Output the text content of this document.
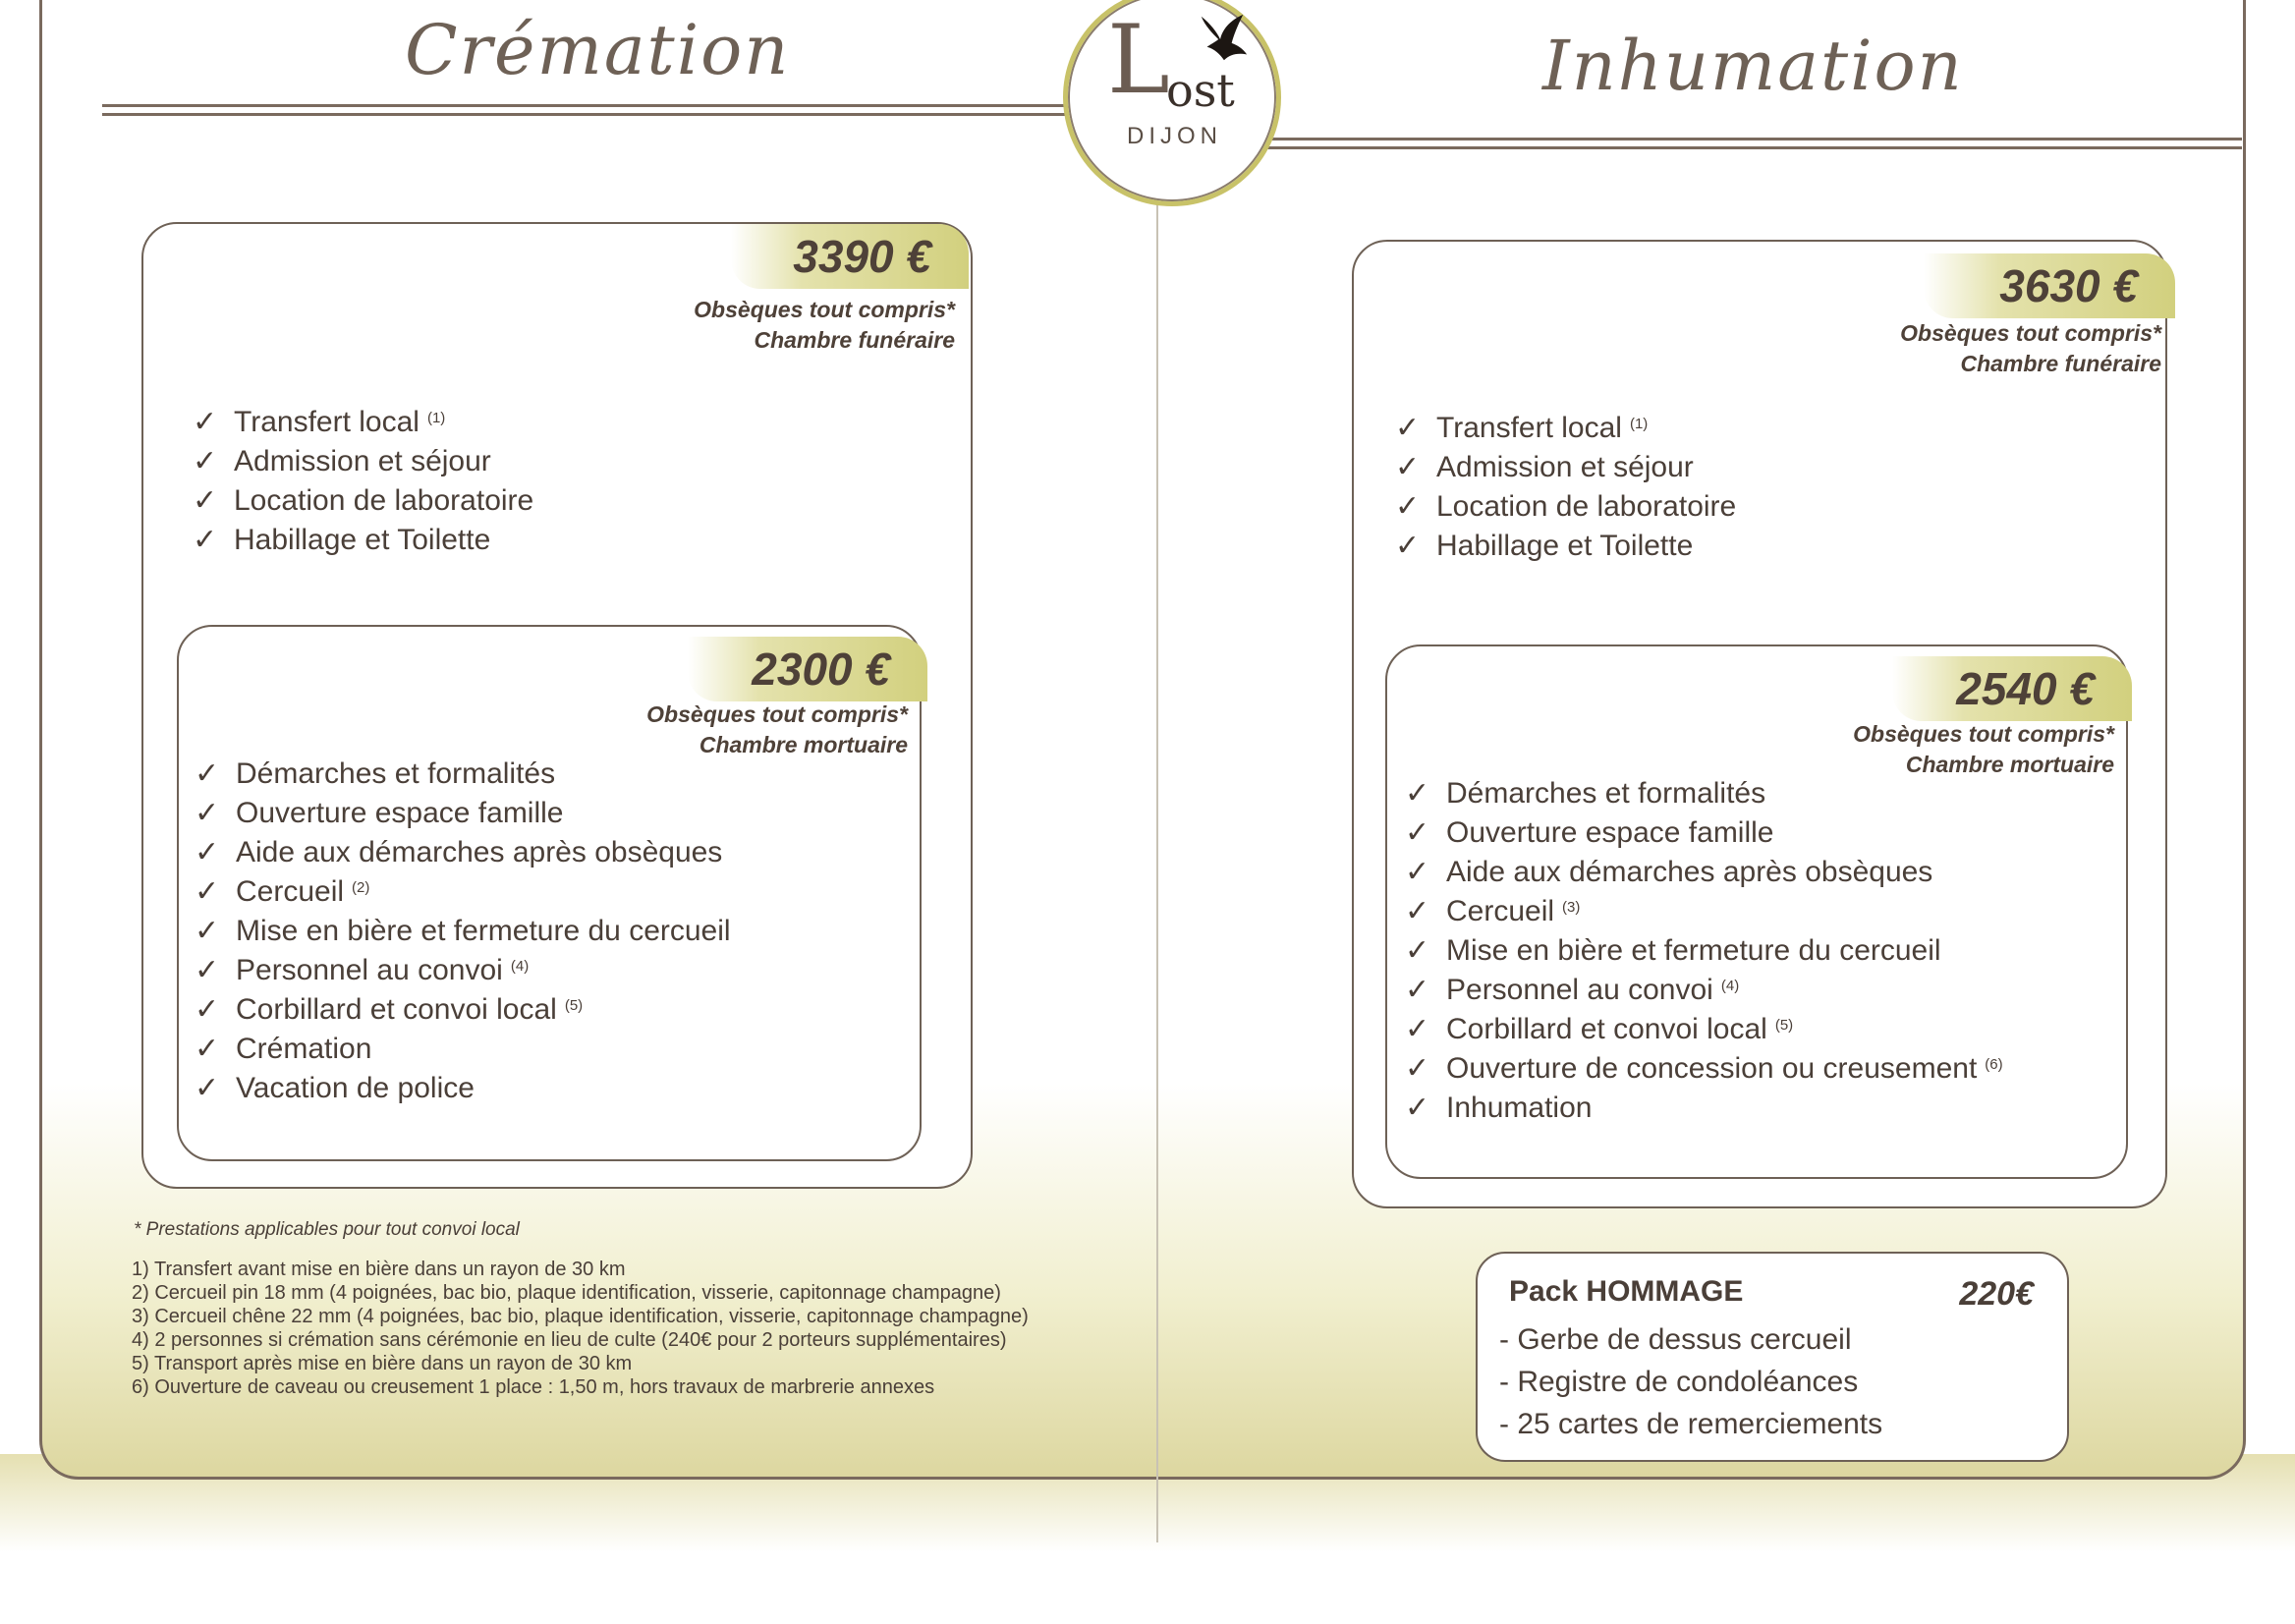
Crémation	Inhumation
L
ost
DIJON
3390 €
Obsèques tout compris*
Chambre funéraire
✓ Transfert local $^{(1)}$
✓ Admission et séjour
✓ Location de laboratoire
✓ Habillage et Toilette
2300 €
Obsèques tout compris*
Chambre mortuaire
✓ Démarches et formalités
✓ Ouverture espace famille
✓ Aide aux démarches après obsèques
✓ Cercueil $^{(2)}$
✓ Mise en bière et fermeture du cercueil
✓ Personnel au convoi $^{(4)}$
✓ Corbillard et convoi local $^{(5)}$
✓ Crémation
✓ Vacation de police
* Prestations applicables pour tout convoi local
1) Transfert avant mise en bière dans un rayon de 30 km
2) Cercueil pin 18 mm (4 poignées, bac bio, plaque identification, visserie, capitonnage champagne)
3) Cercueil chêne 22 mm (4 poignées, bac bio, plaque identification, visserie, capitonnage champagne)
4) 2 personnes si crémation sans cérémonie en lieu de culte (240€ pour 2 porteurs supplémentaires)
5) Transport après mise en bière dans un rayon de 30 km
6) Ouverture de caveau ou creusement 1 place : 1,50 m, hors travaux de marbrerie annexes
3630 €
Obsèques tout compris*
Chambre funéraire
✓ Transfert local $^{(1)}$
✓ Admission et séjour
✓ Location de laboratoire
✓ Habillage et Toilette
2540 €
Obsèques tout compris*
Chambre mortuaire
✓ Démarches et formalités
✓ Ouverture espace famille
✓ Aide aux démarches après obsèques
✓ Cercueil $^{(3)}$
✓ Mise en bière et fermeture du cercueil
✓ Personnel au convoi $^{(4)}$
✓ Corbillard et convoi local $^{(5)}$
✓ Ouverture de concession ou creusement $^{(6)}$
✓ Inhumation
Pack HOMMAGE	220€
- Gerbe de dessus cercueil
- Registre de condoléances
- 25 cartes de remerciements
